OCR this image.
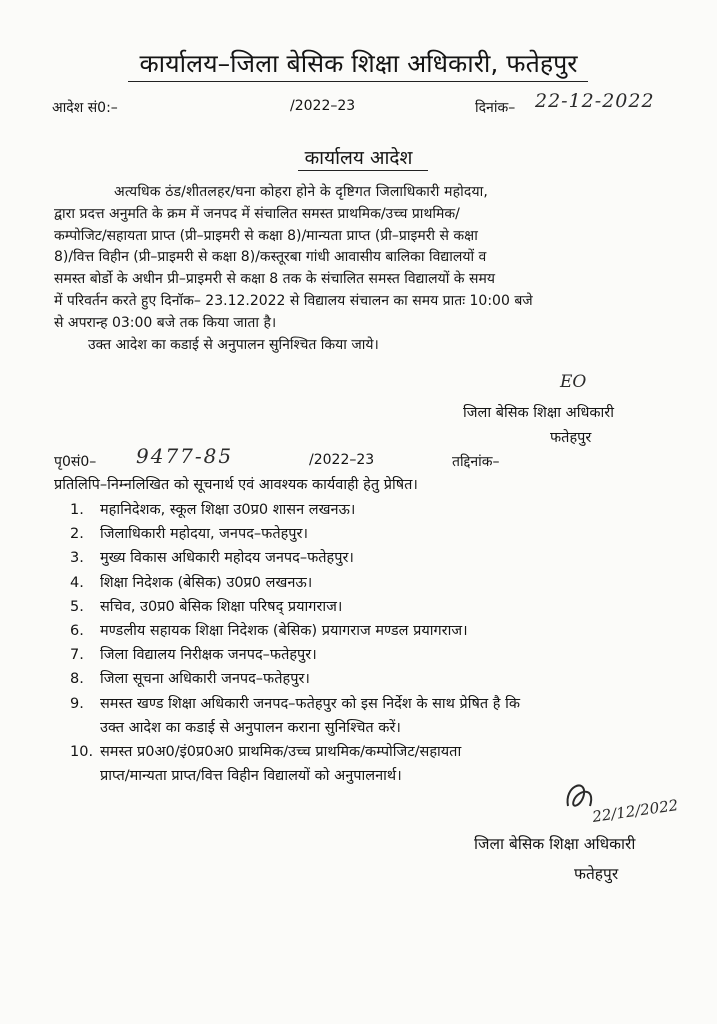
कार्यालय–जिला बेसिक शिक्षा अधिकारी, फतेहपुर
आदेश सं0:–	/2022–23	दिनांक– 22-12-2022
कार्यालय आदेश
अत्यधिक ठंड/शीतलहर/घना कोहरा होने के दृष्टिगत जिलाधिकारी महोदया,
द्वारा प्रदत्त अनुमति के क्रम में जनपद में संचालित समस्त प्राथमिक/उच्च प्राथमिक/
कम्पोजिट/सहायता प्राप्त (प्री–प्राइमरी से कक्षा 8)/मान्यता प्राप्त (प्री–प्राइमरी से कक्षा
8)/वित्त विहीन (प्री–प्राइमरी से कक्षा 8)/कस्तूरबा गांधी आवासीय बालिका विद्यालयों व
समस्त बोर्डो के अधीन प्री–प्राइमरी से कक्षा 8 तक के संचालित समस्त विद्यालयों के समय
में परिवर्तन करते हुए दिनॉक– 23.12.2022 से विद्यालय संचालन का समय प्रातः 10:00 बजे
से अपरान्ह 03:00 बजे तक किया जाता है।
उक्त आदेश का कडाई से अनुपालन सुनिश्चित किया जाये।
EO
जिला बेसिक शिक्षा अधिकारी
फतेहपुर
पृ0सं0– 9477-85	/2022–23	तद्दिनांक–
प्रतिलिपि–निम्नलिखित को सूचनार्थ एवं आवश्यक कार्यवाही हेतु प्रेषित।
1. महानिदेशक, स्कूल शिक्षा उ0प्र0 शासन लखनऊ।
2. जिलाधिकारी महोदया, जनपद–फतेहपुर।
3. मुख्य विकास अधिकारी महोदय जनपद–फतेहपुर।
4. शिक्षा निदेशक (बेसिक) उ0प्र0 लखनऊ।
5. सचिव, उ0प्र0 बेसिक शिक्षा परिषद् प्रयागराज।
6. मण्डलीय सहायक शिक्षा निदेशक (बेसिक) प्रयागराज मण्डल प्रयागराज।
7. जिला विद्यालय निरीक्षक जनपद–फतेहपुर।
8. जिला सूचना अधिकारी जनपद–फतेहपुर।
9. समस्त खण्ड शिक्षा अधिकारी जनपद–फतेहपुर को इस निर्देश के साथ प्रेषित है कि
उक्त आदेश का कडाई से अनुपालन कराना सुनिश्चित करें।
10. समस्त प्र0अ0/इं0प्र0अ0 प्राथमिक/उच्च प्राथमिक/कम्पोजिट/सहायता
प्राप्त/मान्यता प्राप्त/वित्त विहीन विद्यालयों को अनुपालनार्थ।
22/12/2022
जिला बेसिक शिक्षा अधिकारी
फतेहपुर
